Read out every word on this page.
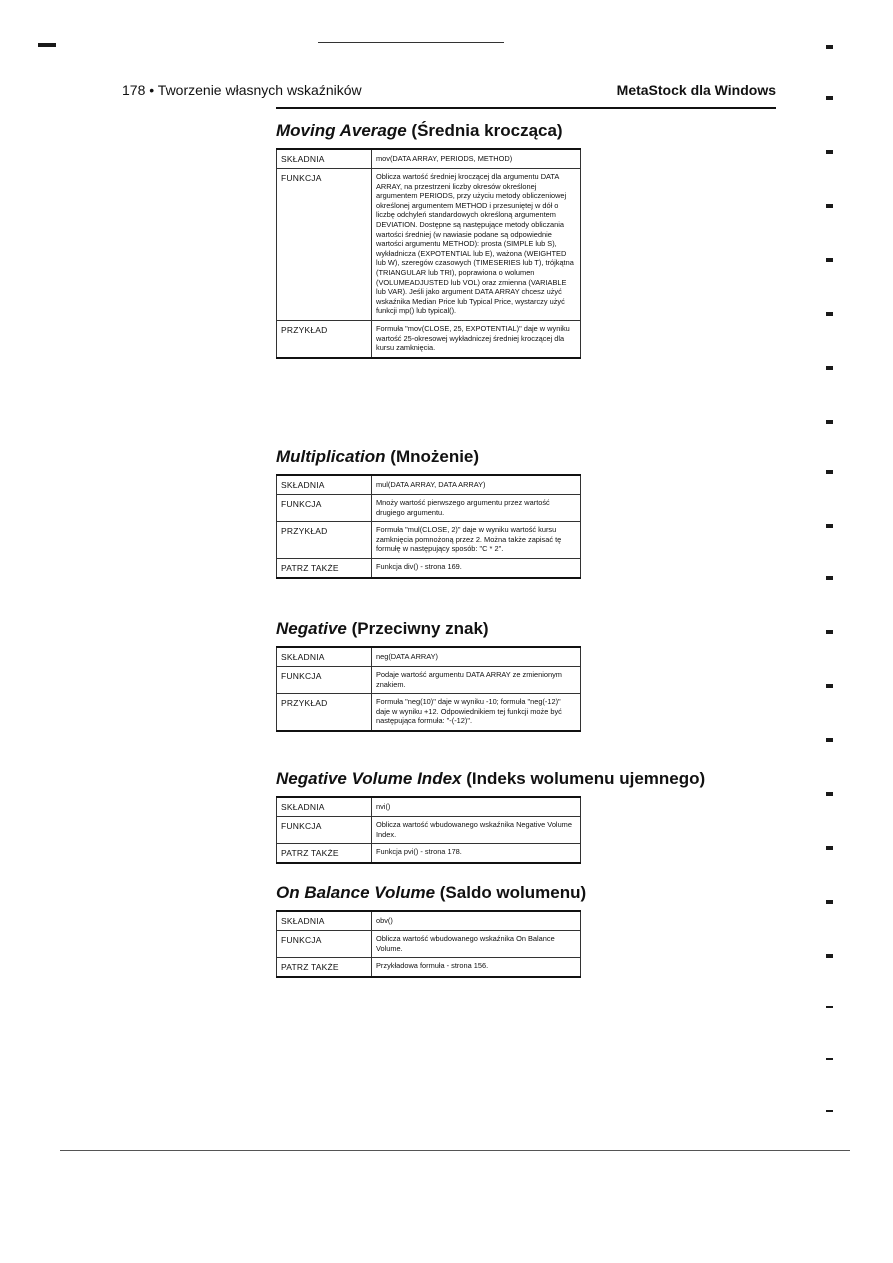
178 • Tworzenie własnych wskaźników	MetaStock dla Windows
Moving Average (Średnia krocząca)
SKŁADNIA	mov(DATA ARRAY, PERIODS, METHOD)
FUNKCJA	Oblicza wartość średniej kroczącej dla argumentu DATA ARRAY, na przestrzeni liczby okresów określonej argumentem PERIODS, przy użyciu metody obliczeniowej określonej argumentem METHOD i przesuniętej w dół o liczbę odchyleń standardowych określoną argumentem DEVIATION. Dostępne są następujące metody obliczania wartości średniej (w nawiasie podane są odpowiednie wartości argumentu METHOD): prosta (SIMPLE lub S), wykładnicza (EXPOTENTIAL lub E), ważona (WEIGHTED lub W), szeregów czasowych (TIMESERIES lub T), trójkątna (TRIANGULAR lub TRI), poprawiona o wolumen (VOLUMEADJUSTED lub VOL) oraz zmienna (VARIABLE lub VAR). Jeśli jako argument DATA ARRAY chcesz użyć wskaźnika Median Price lub Typical Price, wystarczy użyć funkcji mp() lub typical().
PRZYKŁAD	Formuła "mov(CLOSE, 25, EXPOTENTIAL)" daje w wyniku wartość 25-okresowej wykładniczej średniej kroczącej dla kursu zamknięcia.
Multiplication (Mnożenie)
SKŁADNIA	mul(DATA ARRAY, DATA ARRAY)
FUNKCJA	Mnoży wartość pierwszego argumentu przez wartość drugiego argumentu.
PRZYKŁAD	Formuła "mul(CLOSE, 2)" daje w wyniku wartość kursu zamknięcia pomnożoną przez 2. Można także zapisać tę formułę w następujący sposób: "C * 2".
PATRZ TAKŻE	Funkcja div() - strona 169.
Negative (Przeciwny znak)
SKŁADNIA	neg(DATA ARRAY)
FUNKCJA	Podaje wartość argumentu DATA ARRAY ze zmienionym znakiem.
PRZYKŁAD	Formuła "neg(10)" daje w wyniku -10; formuła "neg(-12)" daje w wyniku +12. Odpowiednikiem tej funkcji może być następująca formuła: "-(-12)".
Negative Volume Index (Indeks wolumenu ujemnego)
SKŁADNIA	nvi()
FUNKCJA	Oblicza wartość wbudowanego wskaźnika Negative Volume Index.
PATRZ TAKŻE	Funkcja pvi() - strona 178.
On Balance Volume (Saldo wolumenu)
SKŁADNIA	obv()
FUNKCJA	Oblicza wartość wbudowanego wskaźnika On Balance Volume.
PATRZ TAKŻE	Przykładowa formuła - strona 156.
